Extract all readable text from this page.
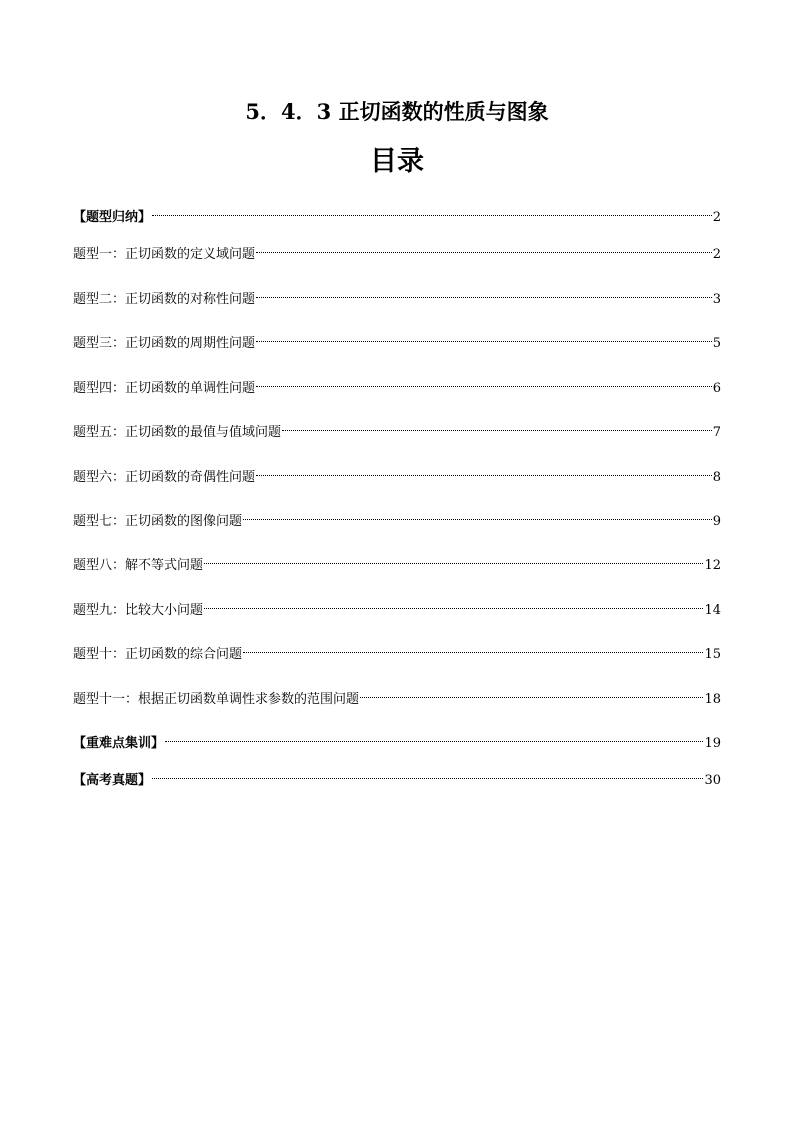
5．4．3 正切函数的性质与图象
目录
【题型归纳】	2
题型一：正切函数的定义域问题	2
题型二：正切函数的对称性问题	3
题型三：正切函数的周期性问题	5
题型四：正切函数的单调性问题	6
题型五：正切函数的最值与值域问题	7
题型六：正切函数的奇偶性问题	8
题型七：正切函数的图像问题	9
题型八：解不等式问题	12
题型九：比较大小问题	14
题型十：正切函数的综合问题	15
题型十一：根据正切函数单调性求参数的范围问题	18
【重难点集训】	19
【高考真题】	30
